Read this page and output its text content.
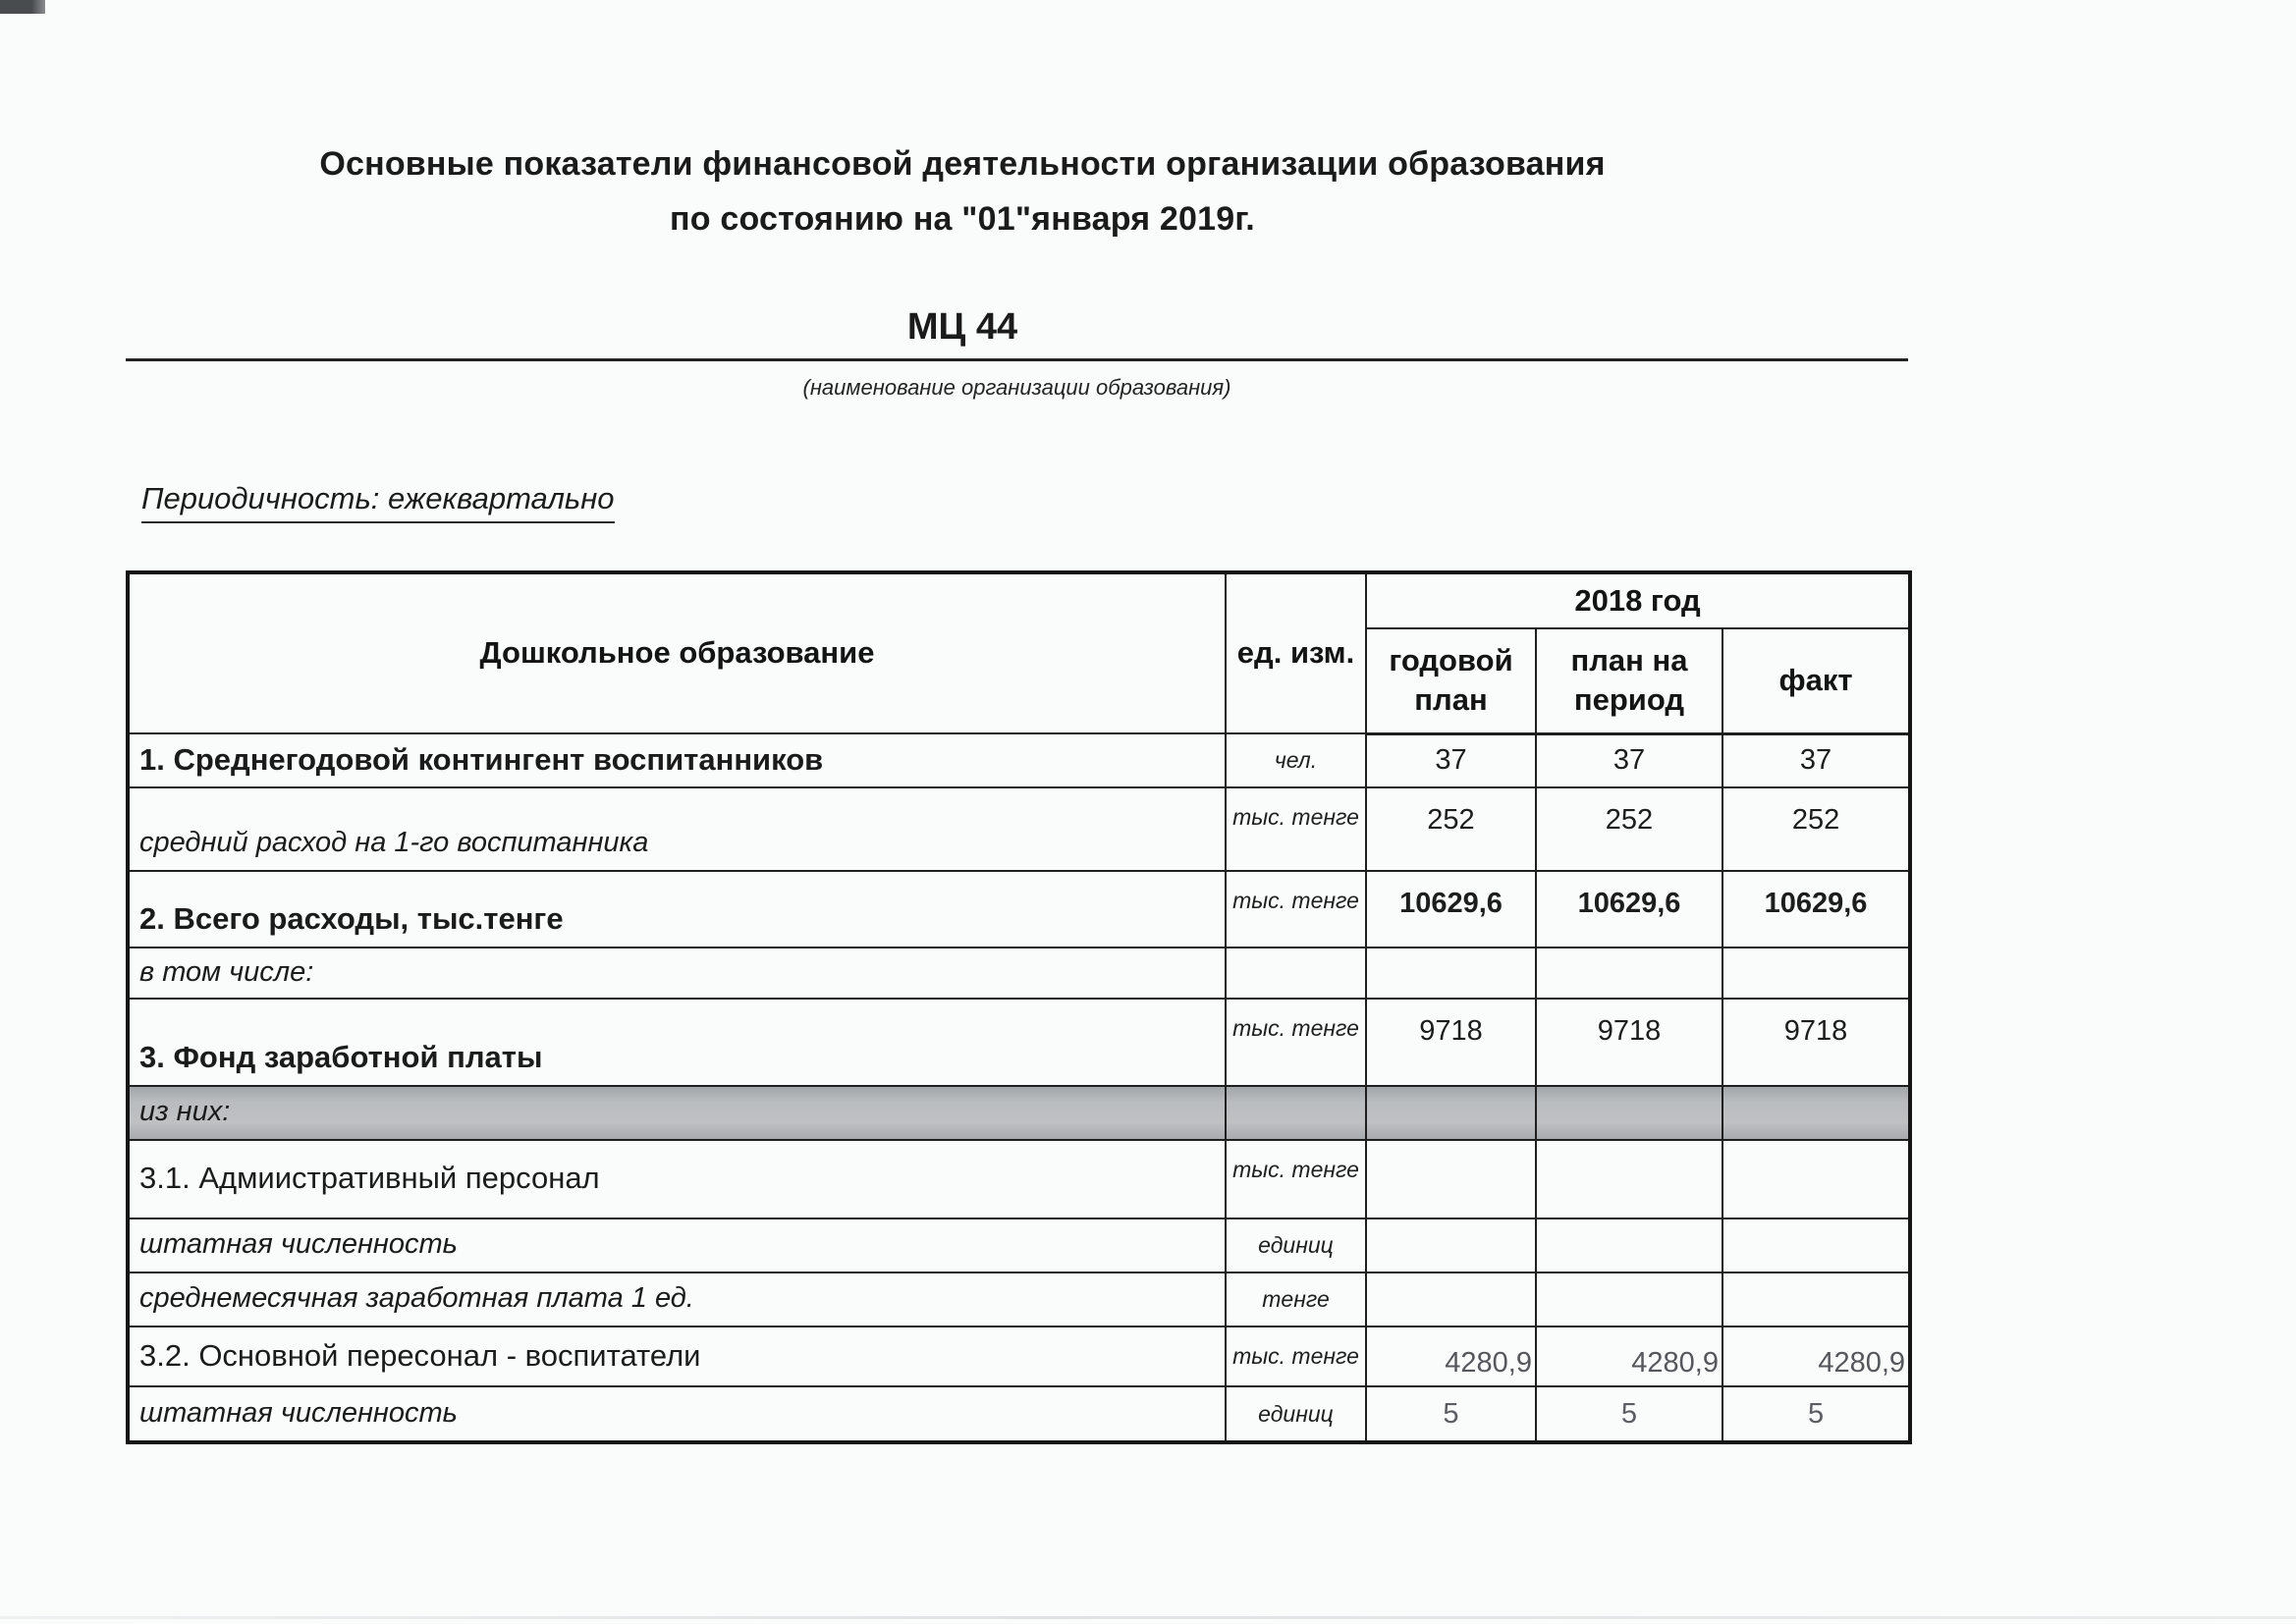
Основные показатели финансовой деятельности организации образования
по состоянию на "01"января 2019г.
МЦ 44
(наименование организации образования)
Периодичность: ежеквартально
Дошкольное образование	ед. изм.	2018 год		
		годовой план	план на период	факт
1. Среднегодовой контингент воспитанников	чел.	37	37	37
средний расход на 1-го воспитанника	тыс. тенге	252	252	252
2. Всего расходы, тыс.тенге	тыс. тенге	10629,6	10629,6	10629,6
в том числе:				
3. Фонд заработной платы	тыс. тенге	9718	9718	9718
из них:				
3.1. Адмиистративный персонал	тыс. тенге			
штатная численность	единиц			
среднемесячная заработная плата 1 ед.	тенге			
3.2. Основной пересонал - воспитатели	тыс. тенге	4280,9	4280,9	4280,9
штатная численность	единиц	5	5	5
